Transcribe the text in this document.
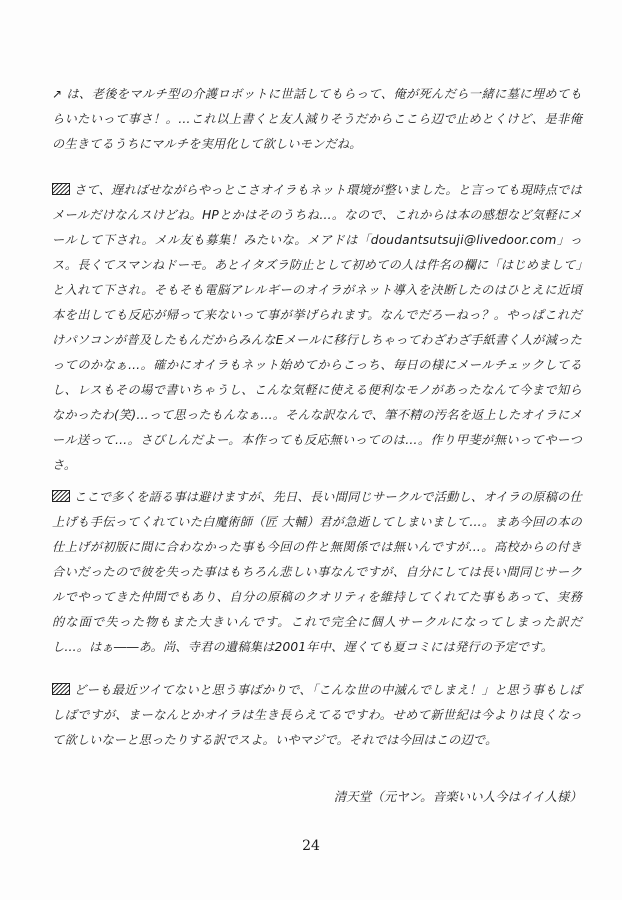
↗ は、老後をマルチ型の介護ロボットに世話してもらって、俺が死んだら一緒に墓に埋めてもらいたいって事さ！。…これ以上書くと友人減りそうだからここら辺で止めとくけど、是非俺の生きてるうちにマルチを実用化して欲しいモンだね。
さて、遅ればせながらやっとこさオイラもネット環境が整いました。と言っても現時点ではメールだけなんスけどね。HPとかはそのうちね…。なので、これからは本の感想など気軽にメールして下され。メル友も募集！みたいな。メアドは「doudantsutsuji@livedoor.com」っス。長くてスマンねドーモ。あとイタズラ防止として初めての人は件名の欄に「はじめまして」と入れて下され。そもそも電脳アレルギーのオイラがネット導入を決断したのはひとえに近頃本を出しても反応が帰って来ないって事が挙げられます。なんでだろーねっ？。やっぱこれだけパソコンが普及したもんだからみんなEメールに移行しちゃってわざわざ手紙書く人が減ったってのかなぁ…。確かにオイラもネット始めてからこっち、毎日の様にメールチェックしてるし、レスもその場で書いちゃうし、こんな気軽に使える便利なモノがあったなんて今まで知らなかったわ(笑)…って思ったもんなぁ…。そんな訳なんで、筆不精の汚名を返上したオイラにメール送って…。さびしんだよー。本作っても反応無いってのは…。作り甲斐が無いってやーつさ。
ここで多くを語る事は避けますが、先日、長い間同じサークルで活動し、オイラの原稿の仕上げも手伝ってくれていた白魔術師（匠 大輔）君が急逝してしまいまして…。まあ今回の本の仕上げが初版に間に合わなかった事も今回の件と無関係では無いんですが…。高校からの付き合いだったので彼を失った事はもちろん悲しい事なんですが、自分にしては長い間同じサークルでやってきた仲間でもあり、自分の原稿のクオリティを維持してくれてた事もあって、実務的な面で失った物もまた大きいんです。これで完全に個人サークルになってしまった訳だし…。はぁ――あ。尚、寺君の遺稿集は2001年中、遅くても夏コミには発行の予定です。
どーも最近ツイてないと思う事ばかりで、「こんな世の中滅んでしまえ！」と思う事もしばしばですが、まーなんとかオイラは生き長らえてるですわ。せめて新世紀は今よりは良くなって欲しいなーと思ったりする訳でスよ。いやマジで。それでは今回はこの辺で。
清天堂（元ヤン。音楽いい人今はイイ人様）
24
